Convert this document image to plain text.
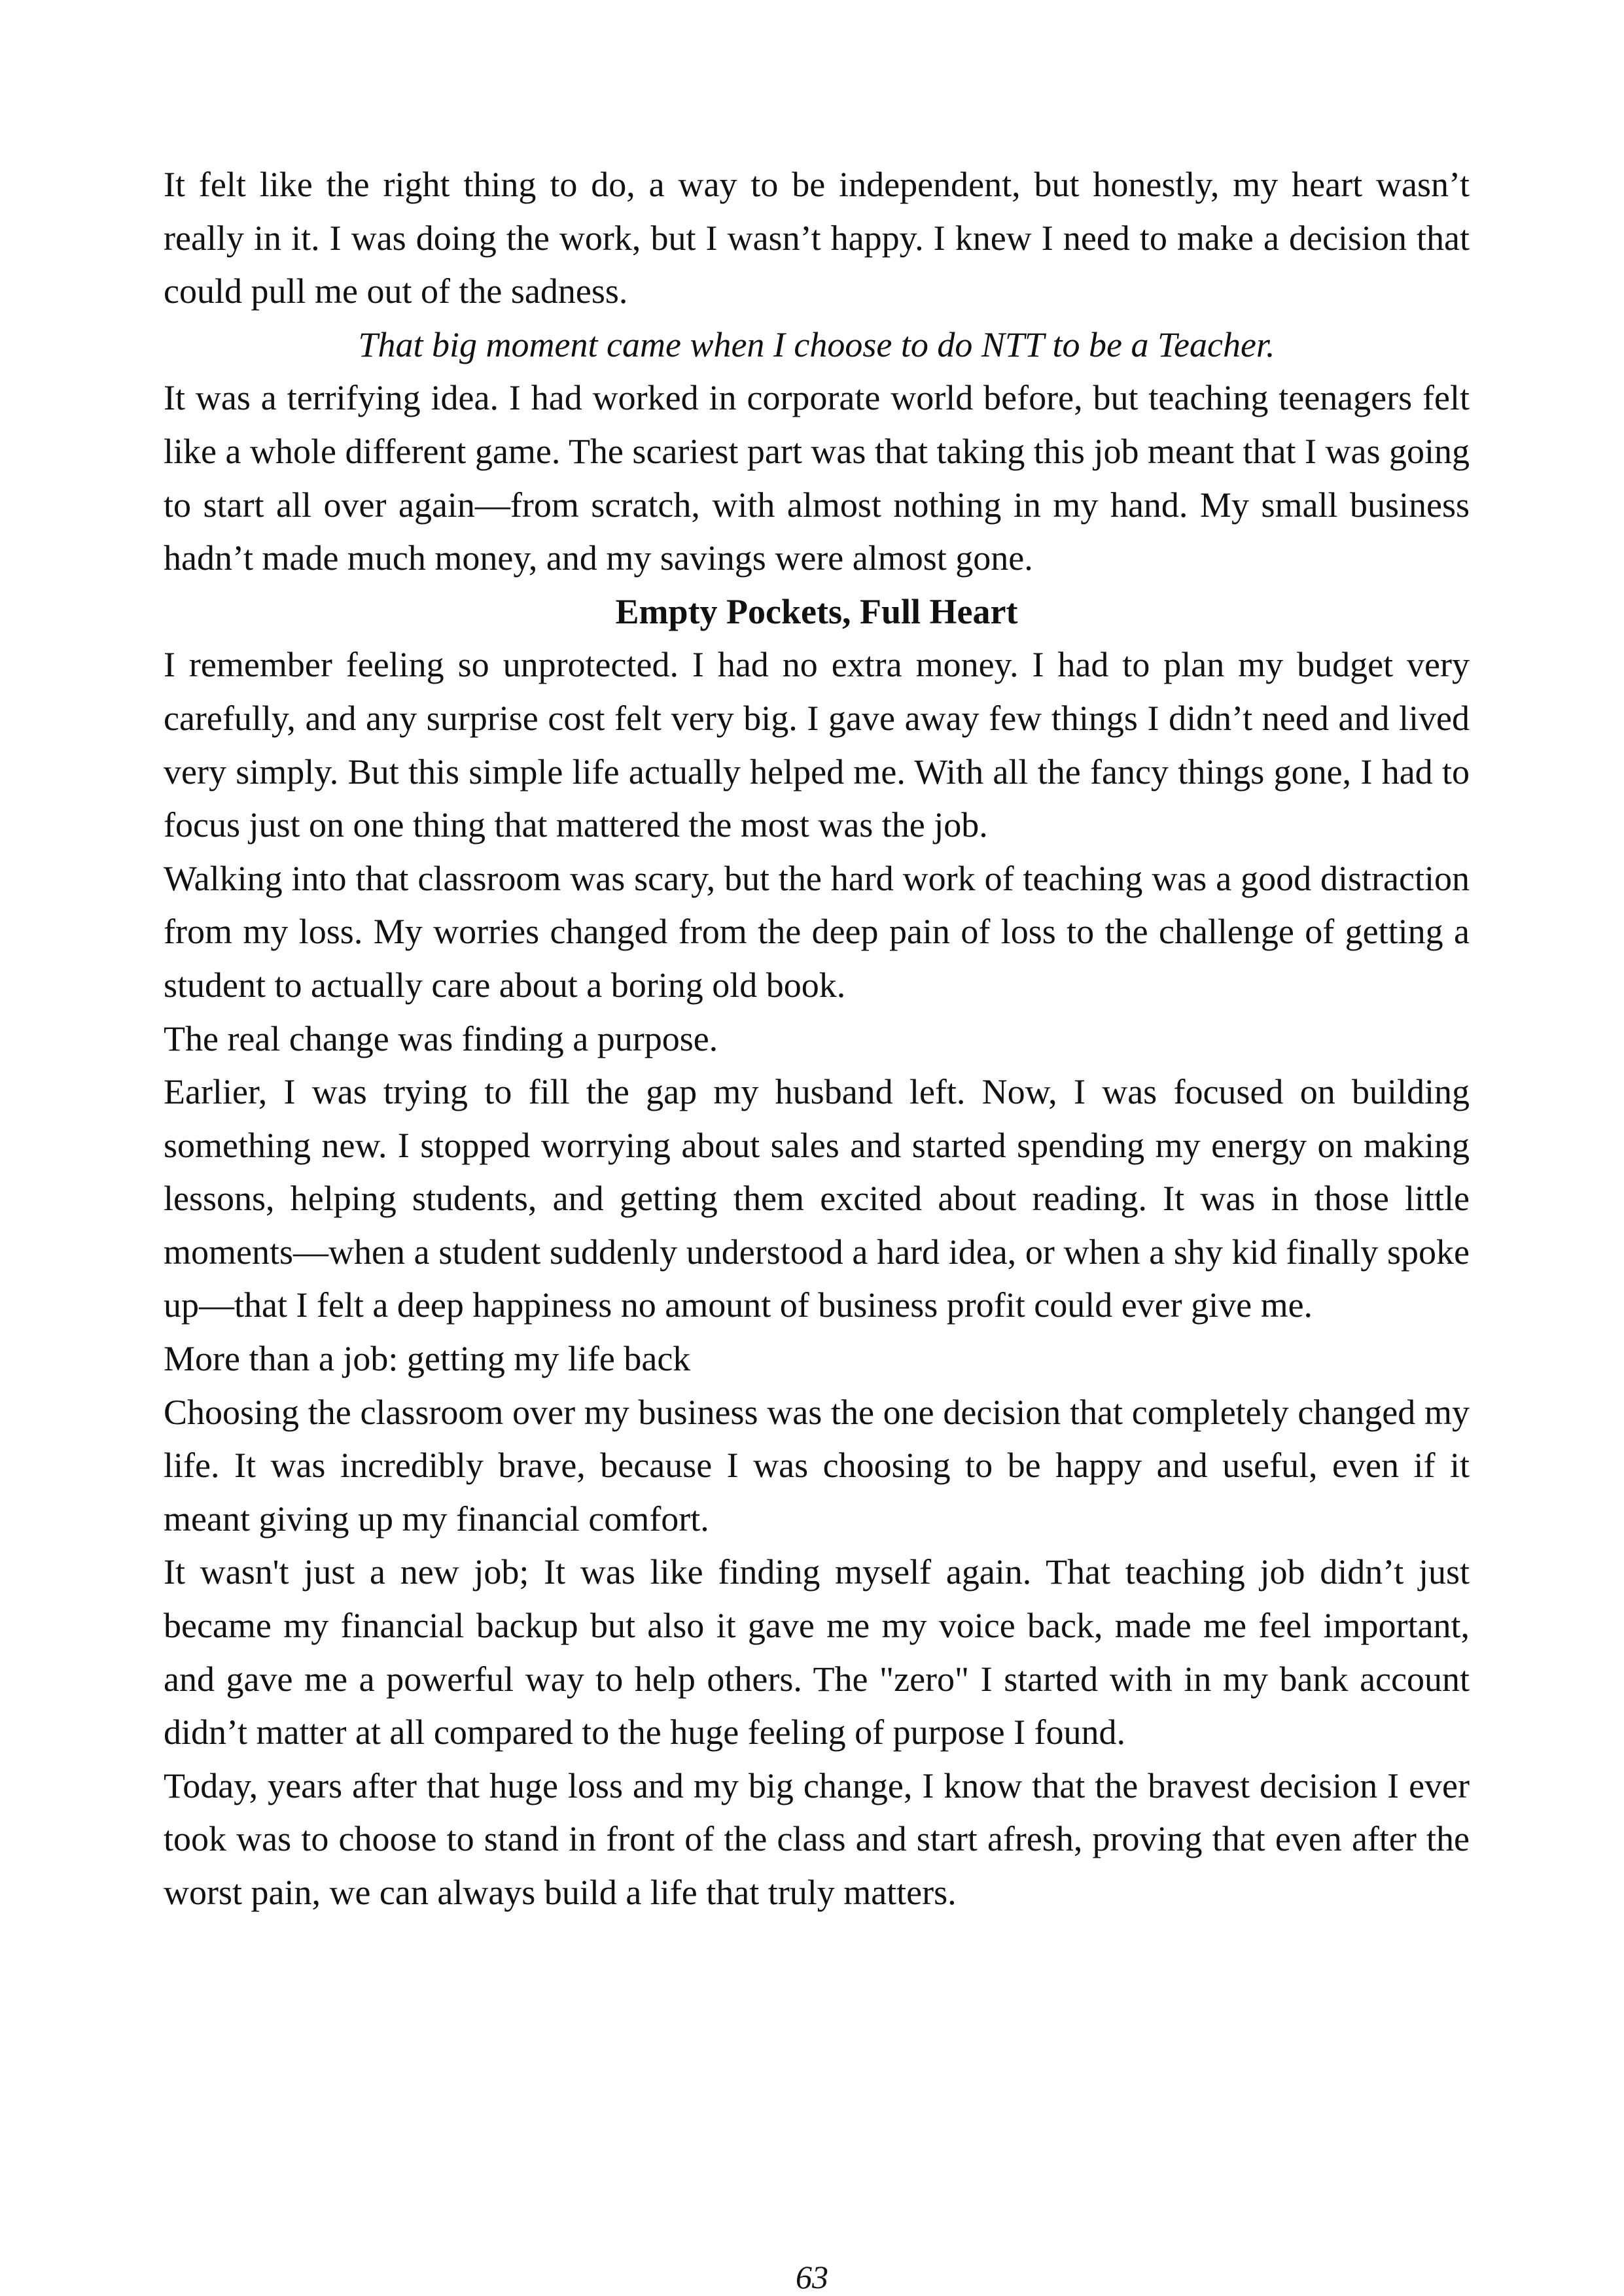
It felt like the right thing to do, a way to be independent, but honestly, my heart wasn’t really in it. I was doing the work, but I wasn’t happy. I knew I need to make a decision that could pull me out of the sadness.

That big moment came when I choose to do NTT to be a Teacher.

It was a terrifying idea. I had worked in corporate world before, but teaching teenagers felt like a whole different game. The scariest part was that taking this job meant that I was going to start all over again—from scratch, with almost nothing in my hand. My small business hadn’t made much money, and my savings were almost gone.

Empty Pockets, Full Heart

I remember feeling so unprotected. I had no extra money. I had to plan my budget very carefully, and any surprise cost felt very big. I gave away few things I didn’t need and lived very simply. But this simple life actually helped me. With all the fancy things gone, I had to focus just on one thing that mattered the most was the job.

Walking into that classroom was scary, but the hard work of teaching was a good distraction from my loss. My worries changed from the deep pain of loss to the challenge of getting a student to actually care about a boring old book.

The real change was finding a purpose.

Earlier, I was trying to fill the gap my husband left. Now, I was focused on building something new. I stopped worrying about sales and started spending my energy on making lessons, helping students, and getting them excited about reading. It was in those little moments—when a student suddenly understood a hard idea, or when a shy kid finally spoke up—that I felt a deep happiness no amount of business profit could ever give me.

More than a job: getting my life back

Choosing the classroom over my business was the one decision that completely changed my life. It was incredibly brave, because I was choosing to be happy and useful, even if it meant giving up my financial comfort.

It wasn't just a new job; It was like finding myself again. That teaching job didn’t just became my financial backup but also it gave me my voice back, made me feel important, and gave me a powerful way to help others. The "zero" I started with in my bank account didn’t matter at all compared to the huge feeling of purpose I found.

Today, years after that huge loss and my big change, I know that the bravest decision I ever took was to choose to stand in front of the class and start afresh, proving that even after the worst pain, we can always build a life that truly matters.

63
